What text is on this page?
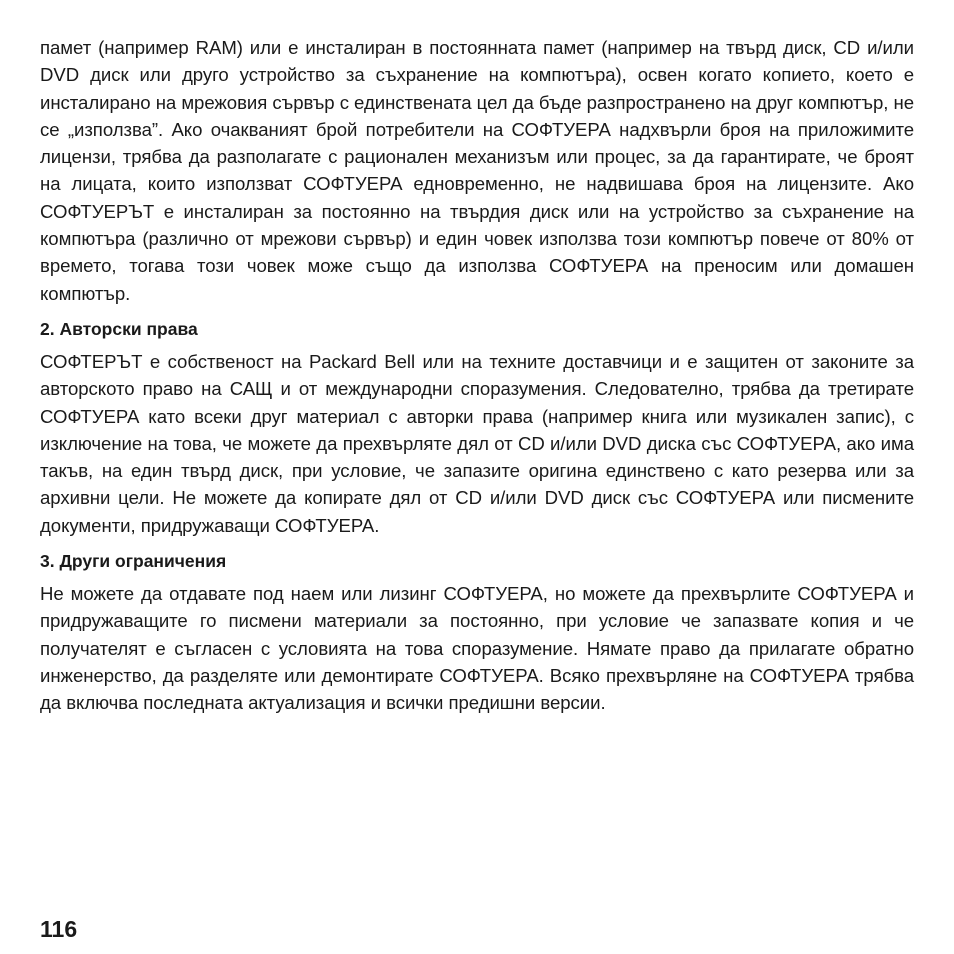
памет (например RAM) или е инсталиран в постоянната памет (например на твърд диск, CD и/или DVD диск или друго устройство за съхранение на компютъра), освен когато копието, което е инсталирано на мрежовия сървър с единствената цел да бъде разпространено на друг компютър, не се „използва”. Ако очакваният брой потребители на СОФТУЕРА надхвърли броя на приложимите лицензи, трябва да разполагате с рационален механизъм или процес, за да гарантирате, че броят на лицата, които използват СОФТУЕРА едновременно, не надвишава броя на лицензите. Ако СОФТУЕРЪТ е инсталиран за постоянно на твърдия диск или на устройство за съхранение на компютъра (различно от мрежови сървър) и един човек използва този компютър повече от 80% от времето, тогава този човек може също да използва СОФТУЕРА на преносим или домашен компютър.

2. Авторски права

СОФТЕРЪТ е собственост на Packard Bell или на техните доставчици и е защитен от законите за авторското право на САЩ и от международни споразумения. Следователно, трябва да третирате СОФТУЕРА като всеки друг материал с авторки права (например книга или музикален запис), с изключение на това, че можете да прехвърляте дял от CD и/или DVD диска със СОФТУЕРА, ако има такъв, на един твърд диск, при условие, че запазите оригина единствено с като резерва или за архивни цели. Не можете да копирате дял от CD и/или DVD диск със СОФТУЕРА или писмените документи, придружаващи СОФТУЕРА.

3. Други ограничения

Не можете да отдавате под наем или лизинг СОФТУЕРА, но можете да прехвърлите СОФТУЕРА и придружаващите го писмени материали за постоянно, при условие че запазвате копия и че получателят е съгласен с условията на това споразумение. Нямате право да прилагате обратно инженерство, да разделяте или демонтирате СОФТУЕРА. Всяко прехвърляне на СОФТУЕРА трябва да включва последната актуализация и всички предишни версии.

116
